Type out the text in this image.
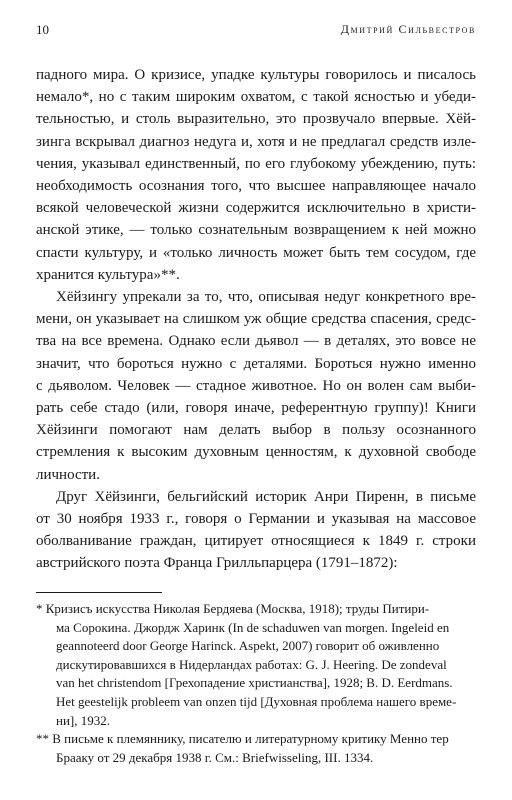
10	Дмитрий Сильвестров
падного мира. О кризисе, упадке культуры говорилось и писалось
немало*, но с таким широким охватом, с такой ясностью и убеди-
тельностью, и столь выразительно, это прозвучало впервые. Хёй-
зинга вскрывал диагноз недуга и, хотя и не предлагал средств излe-
чения, указывал единственный, по его глубокому убеждению, путь:
необходимость осознания того, что высшее направляющее начало
всякой человеческой жизни содержится исключительно в христи-
анской этике, — только сознательным возвращением к ней можно
спасти культуру, и «только личность может быть тем сосудом, где
хранится культура»**.
Хёйзингу упрекали за то, что, описывая недуг конкретного вре-
мени, он указывает на слишком уж общие средства спасения, средс-
тва на все времена. Однако если дьявол — в деталях, это вовсе не
значит, что бороться нужно с деталями. Бороться нужно именно
с дьяволом. Человек — стадное животное. Но он волен сам выби-
рать себе стадо (или, говоря иначе, референтную группу)! Книги
Хёйзинги помогают нам делать выбор в пользу осознанного
стремления к высоким духовным ценностям, к духовной свободе
личности.
Друг Хёйзинги, бельгийский историк Анри Пиренн, в письме
от 30 ноября 1933 г., говоря о Германии и указывая на массовое
оболванивание граждан, цитирует относящиеся к 1849 г. строки
австрийского поэта Франца Грилльпарцера (1791–1872):
* Кризисъ искусства Николая Бердяева (Москва, 1918); труды Питири-
ма Сорокина. Джордж Харинк (In de schaduwen van morgen. Ingeleid en
geannoteerd door George Harinck. Aspekt, 2007) говорит об оживленно
дискутировавшихся в Нидерландах работах: G. J. Heering. De zondeval
van het christendom [Грехопадение христианства], 1928; B. D. Eerdmans.
Het geestelijk probleem van onzen tijd [Духовная проблема нашего време-
ни], 1932.
** В письме к племяннику, писателю и литературному критику Менно тер
Браaку от 29 декабря 1938 г. См.: Briefwisseling, III. 1334.
